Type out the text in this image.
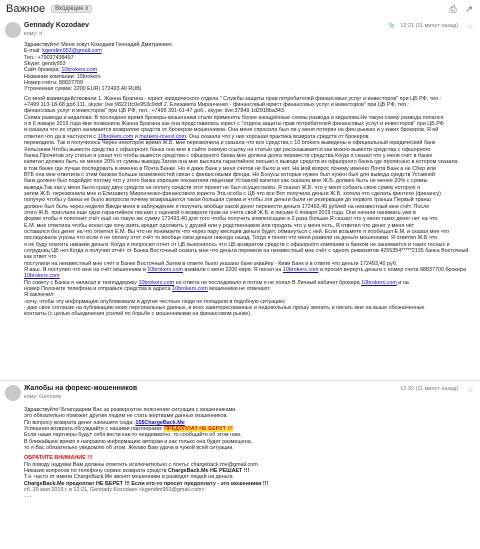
Важное	Входящие x	⎙ ↗
Gennady Kozodaev
кому: я
📎 12:21 (11 минут назад) ☆

Здравствуйте! Меня зовут Козодаев Геннадий Дмитриевич.

E-mail: kgendim953@gmail.com

Тел.: +79037438497

Skype: gendy953

Сайт брокера: 10brokers.com

Название компании: 10brokers

Номер счёта: 88837700

Утраченная сумма: 2200 EUR| 172493.40 RUB|

Со мной взаимодействовали 1. Жанна Брагина - юрист юридического отдела " Службы защиты прав потребителей финансовых услуг и инвесторов" при ЦБ РФ, тел.:

+7499 113-18-68 доб.111, skype: live:98221fc0e953c9ddf 2. Елизавета Миронченко - финансовый юрист финансовых услуг и инвесторов" при ЦБ РФ, тел.:

финансовых услуг и инвесторов" при ЦБ РФ, тел.: +7499 391-61-47 доб., skype: live:37849 1d2918ba343.

Схема развода и кидалова: В последнее время брокеры-мошенники стали применять более изощрённые схемы развода и кидалова.Не такую схему развода попался

я в 6 январе 2019 года мне позвонила Жанна Брагина как она представилась юрист с "отдела защиты прав потребителей финансовых услуг и инвесторов" при ЦБ РФ

и сказала что их отдел занимается возвратом средств от брокеров-мошенников. Она меня спросила был ли у меня потерян на фин.рынках и у каких брокеров. Я ей

ответил что да в частности с 10brokers.com и markets-invest.com. Она сказала что у них хорошая практика возврата средств от брокеров.

переводила. Так и получилось Через некоторое время Ж.Б. мне перезвонила и сказала что все средства с 10 brokers выведены в официальный юридический банк

Хельсинки.Чтобы вывести средства с офшорного банка она мне в сайте снимую ссылку на статью где рассказывается как можно вывести средства с офшорного

банка.Прочитав эту статью я узнал что чтобы вывести средства с офшорного банка мне должна долга перевести средства Когда я сказал что у меня счёт в банке

капитал должен быть не менее 20% от суммы вывода.Затем она мне выслала гарантийное письмо о выводе средств из офшорного банка где прописано в котором сказала

в том банке где лучше последовать в именно в Почта Банке. Но я даже Банк у меня счетов не было и нет. На мой вопрос почему именно Почта Банк а не Сбер или

ВТБ она мне ответила с этим банком больше возможностей связи с финансовыми фонда. Но Бонусы которые нужен был нужен был для вывода средств Уставной

банк должен был подойдет потому что у этого банка хорошие показатели лицензии Уставной капитал как сказала мне Ж.Б. должен быть не менее 20% с суммы

вывода.Так как у меня было сразу двух средств на оплату средств этот проект не был осуществлён. Я сказал Ж.Б. что у меня собрать свою сумму которую я

затем Ж.Б. перезвонила мне и Елизавету Миронченко-финансового юриста Эта особа с ЦБ что все Вот получила деньги Ж.Б. хотела что сделать финтехо (финансу)

получую чтобы у банка не было вопросов почему возвращается такая большая сумма и чтобы эти деньги были не резервации до первого транша Первый транш

должен был быть через неделю Введи меня в заблуждение я получать вообще какой денег перевести деньги 172493,40 рублей на неизвестный мне счёт. После

этого Ж.Б. прислала еще одно гарантийное письмо с оценкой о возврате прав на счета свой Ж.Б. в письме 6 января 2019 года. Они начали нанимать уже в

форме чтобы я пополнит счёт ещё на такую же сумму 172493,40 для того чтобы получить компенсацию в 2 раза больше.Я сказал что у меня таких денег нет на что

Е.М. мне ответила чтобы искал где хочу взять кредит одолжить у друзей или у родственников или продать что у меня есть. Я ответил что денег у меня нет

оставался без денег на что ответил Е.М. Вы что не понимаете что через пару месяцев деньги будет, обмануться с ней. Если возьмете я пообещал Е.М. и сказал мне что

последовала угрозы что если я не оплачу этот счёт то вообще свои деньги никогда назад. Тогда я понял что меня развели на деньги мошенники. Я ответил Ж.Б что

я не буду платить никакие деньги. Когда я попросил отчет от ЦБ выяснилось что ЦБ возвратом средств с офшорного компании и банком не занимается и таких тесных и

сотрудниц ЦБ нет.Когда я получил отчёт от Банка Восточный сказать мне что деньги перевели на неизвестный мне счёт с одного реквизитов 4255354*****2135 банка Восточный как ответ что

поступили на неизвестный мне счёт в Банке Восточный Затем в ответе было указано банк-эквайер - Киви Банк и в ответе что деньги 172493,40 руб.

Я ваш. Я поступил что мне на счёт мошенники в 10brokers.com взимали с меня 2200 евро. Я писал на 10brokers.com и просил вернуть деньги с номер счета 88837700 брокера 10brokers.com

По совету с Банка я написал в техподдержку 10brokers.com но ответа не последовало и потом я не попал В Личный кабинет брокера 10brokers.com и на

номер Полоните телефона и отправьте средства в адреса 10brokers.com мошенники не отвечают.

Я заключил:

-хочу, чтобы эту информацию опубликовали и другие честные люди не попадали в подобную ситуацию;

- даю свое согласие на публикацию моих персональных данных, и всех заинтересованных и недовольных прошу звонить и писать мне на выше обозначенные

контакты (с целью обьединения усилий по борьбе с мошенниками на финансовом рынке).

Жалобы на форекс-мошенников
кому: Gennady
12:32 (11 минут назад) ☆

Здравствуйте! Благодарим Вас за развернутое пояснение ситуации с мошенниками.

это обязательно поможет другим людям не стать жертвами данных мошенников.

По вопросу возврата денег напишите сюда: 15$ChargeBack.Me

Успешная возврата обсуждайте с нашими партнерами: ПРЕДОПЛАТ НЕ БЕРУТ !!!

Если наши партнеры будут себя вести как-то неадекватно, то сообщайте об этом нам.

В ближайшее время я направлю информацию авторам и как только она будет размещена,

то я Вас обязательно уведомлю об этом. Желаю Вам удачи в чужой всей ситуации.

ОБРАТИТЕ ВНИМАНИЕ !!!

По поводу надувки Вам должны ответить исключительно с почты: chargeback.me@gmail.com

Никаких вопросов по телефону сервис возврата средств ChargeBack.Me НЕ РЕШАЕТ !!!

Т.е. часто от имени ChargeBack.Me звонят мошенники и разводят людей на деньги.

ChargeBack.Me предоплат НЕ БЕРЕТ !!! Если кто-то просит предоплату - это мошенники !!!

сб, 29 мая 2019 г. в 12:21, Gennady Kozodaev <kgendim953@gmail.com>:

⋯
